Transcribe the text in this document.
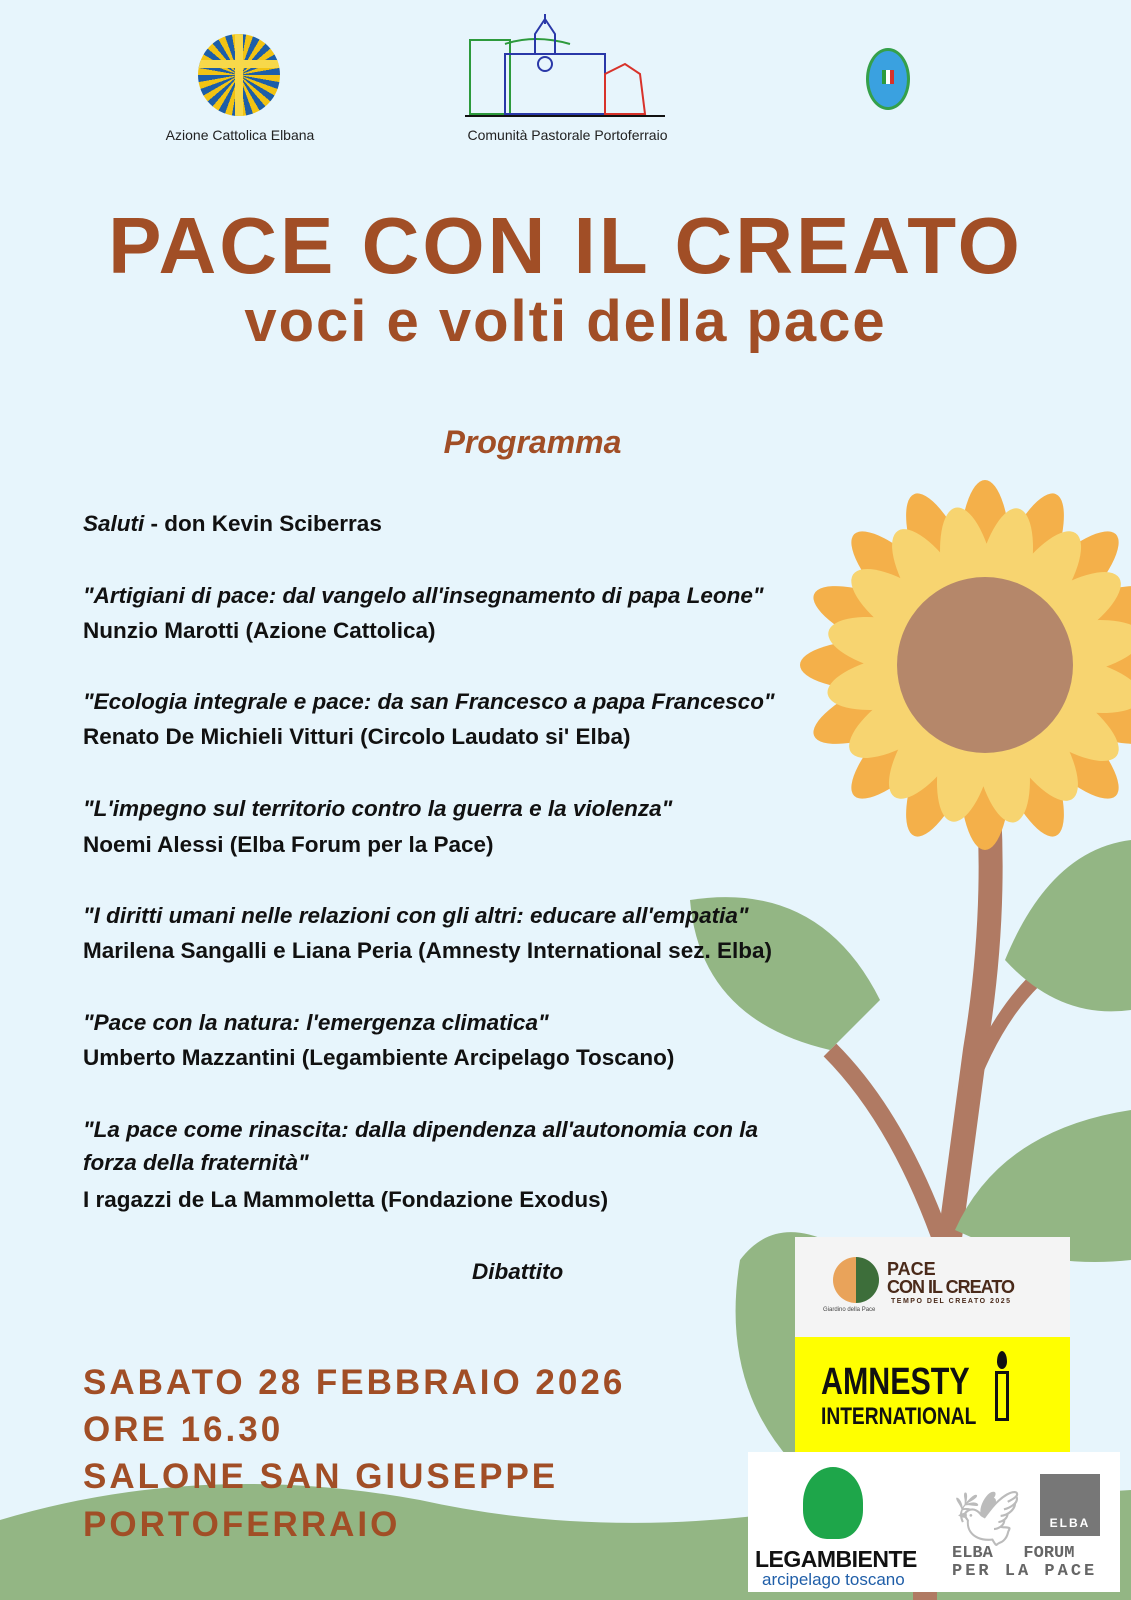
Azione Cattolica Elbana	Comunità Pastorale Portoferraio
PACE CON IL CREATO
voci e volti della pace
Programma
Saluti - don Kevin Sciberras
"Artigiani di pace: dal vangelo all'insegnamento di papa Leone"
Nunzio Marotti (Azione Cattolica)
"Ecologia integrale e pace: da san Francesco a papa Francesco"
Renato De Michieli Vitturi (Circolo Laudato si' Elba)
"L'impegno sul territorio contro la guerra e la violenza"
Noemi Alessi (Elba Forum per la Pace)
"I diritti umani nelle relazioni con gli altri: educare all'empatia"
Marilena Sangalli e Liana Peria (Amnesty International sez. Elba)
"Pace con la natura: l'emergenza climatica"
Umberto Mazzantini (Legambiente Arcipelago Toscano)
"La pace come rinascita: dalla dipendenza all'autonomia con la
forza della fraternità"
I ragazzi de La Mammoletta (Fondazione Exodus)
Dibattito
SABATO 28 FEBBRAIO 2026
ORE 16.30
SALONE SAN GIUSEPPE
PORTOFERRAIO
Giardino della Pace
PACE
CON IL CREATO
TEMPO DEL CREATO 2025
AMNESTY
INTERNATIONAL
LEGAMBIENTE
arcipelago toscano
🕊	ELBA
ELBA   FORUM
PER LA PACE
